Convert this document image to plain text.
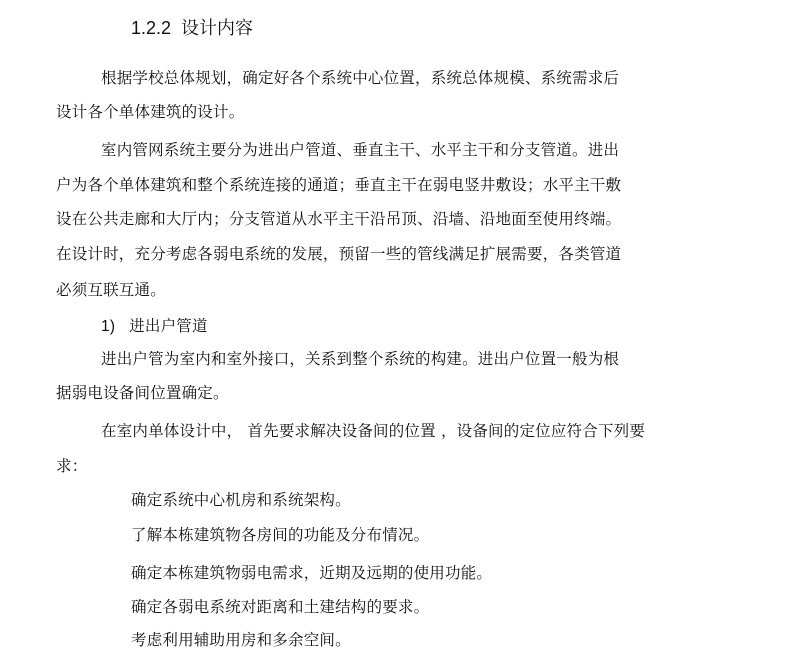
1.2.2 设计内容
根据学校总体规划，确定好各个系统中心位置，系统总体规模、系统需求后
设计各个单体建筑的设计。
室内管网系统主要分为进出户管道、垂直主干、水平主干和分支管道。进出
户为各个单体建筑和整个系统连接的通道；垂直主干在弱电竖井敷设；水平主干敷
设在公共走廊和大厅内；分支管道从水平主干沿吊顶、沿墙、沿地面至使用终端。
在设计时，充分考虑各弱电系统的发展，预留一些的管线满足扩展需要，各类管道
必须互联互通。
1) 进出户管道
进出户管为室内和室外接口，关系到整个系统的构建。进出户位置一般为根
据弱电设备间位置确定。
在室内单体设计中， 首先要求解决设备间的位置 ，设备间的定位应符合下列要
求：
确定系统中心机房和系统架构。
了解本栋建筑物各房间的功能及分布情况。
确定本栋建筑物弱电需求，近期及远期的使用功能。
确定各弱电系统对距离和土建结构的要求。
考虑利用辅助用房和多余空间。
